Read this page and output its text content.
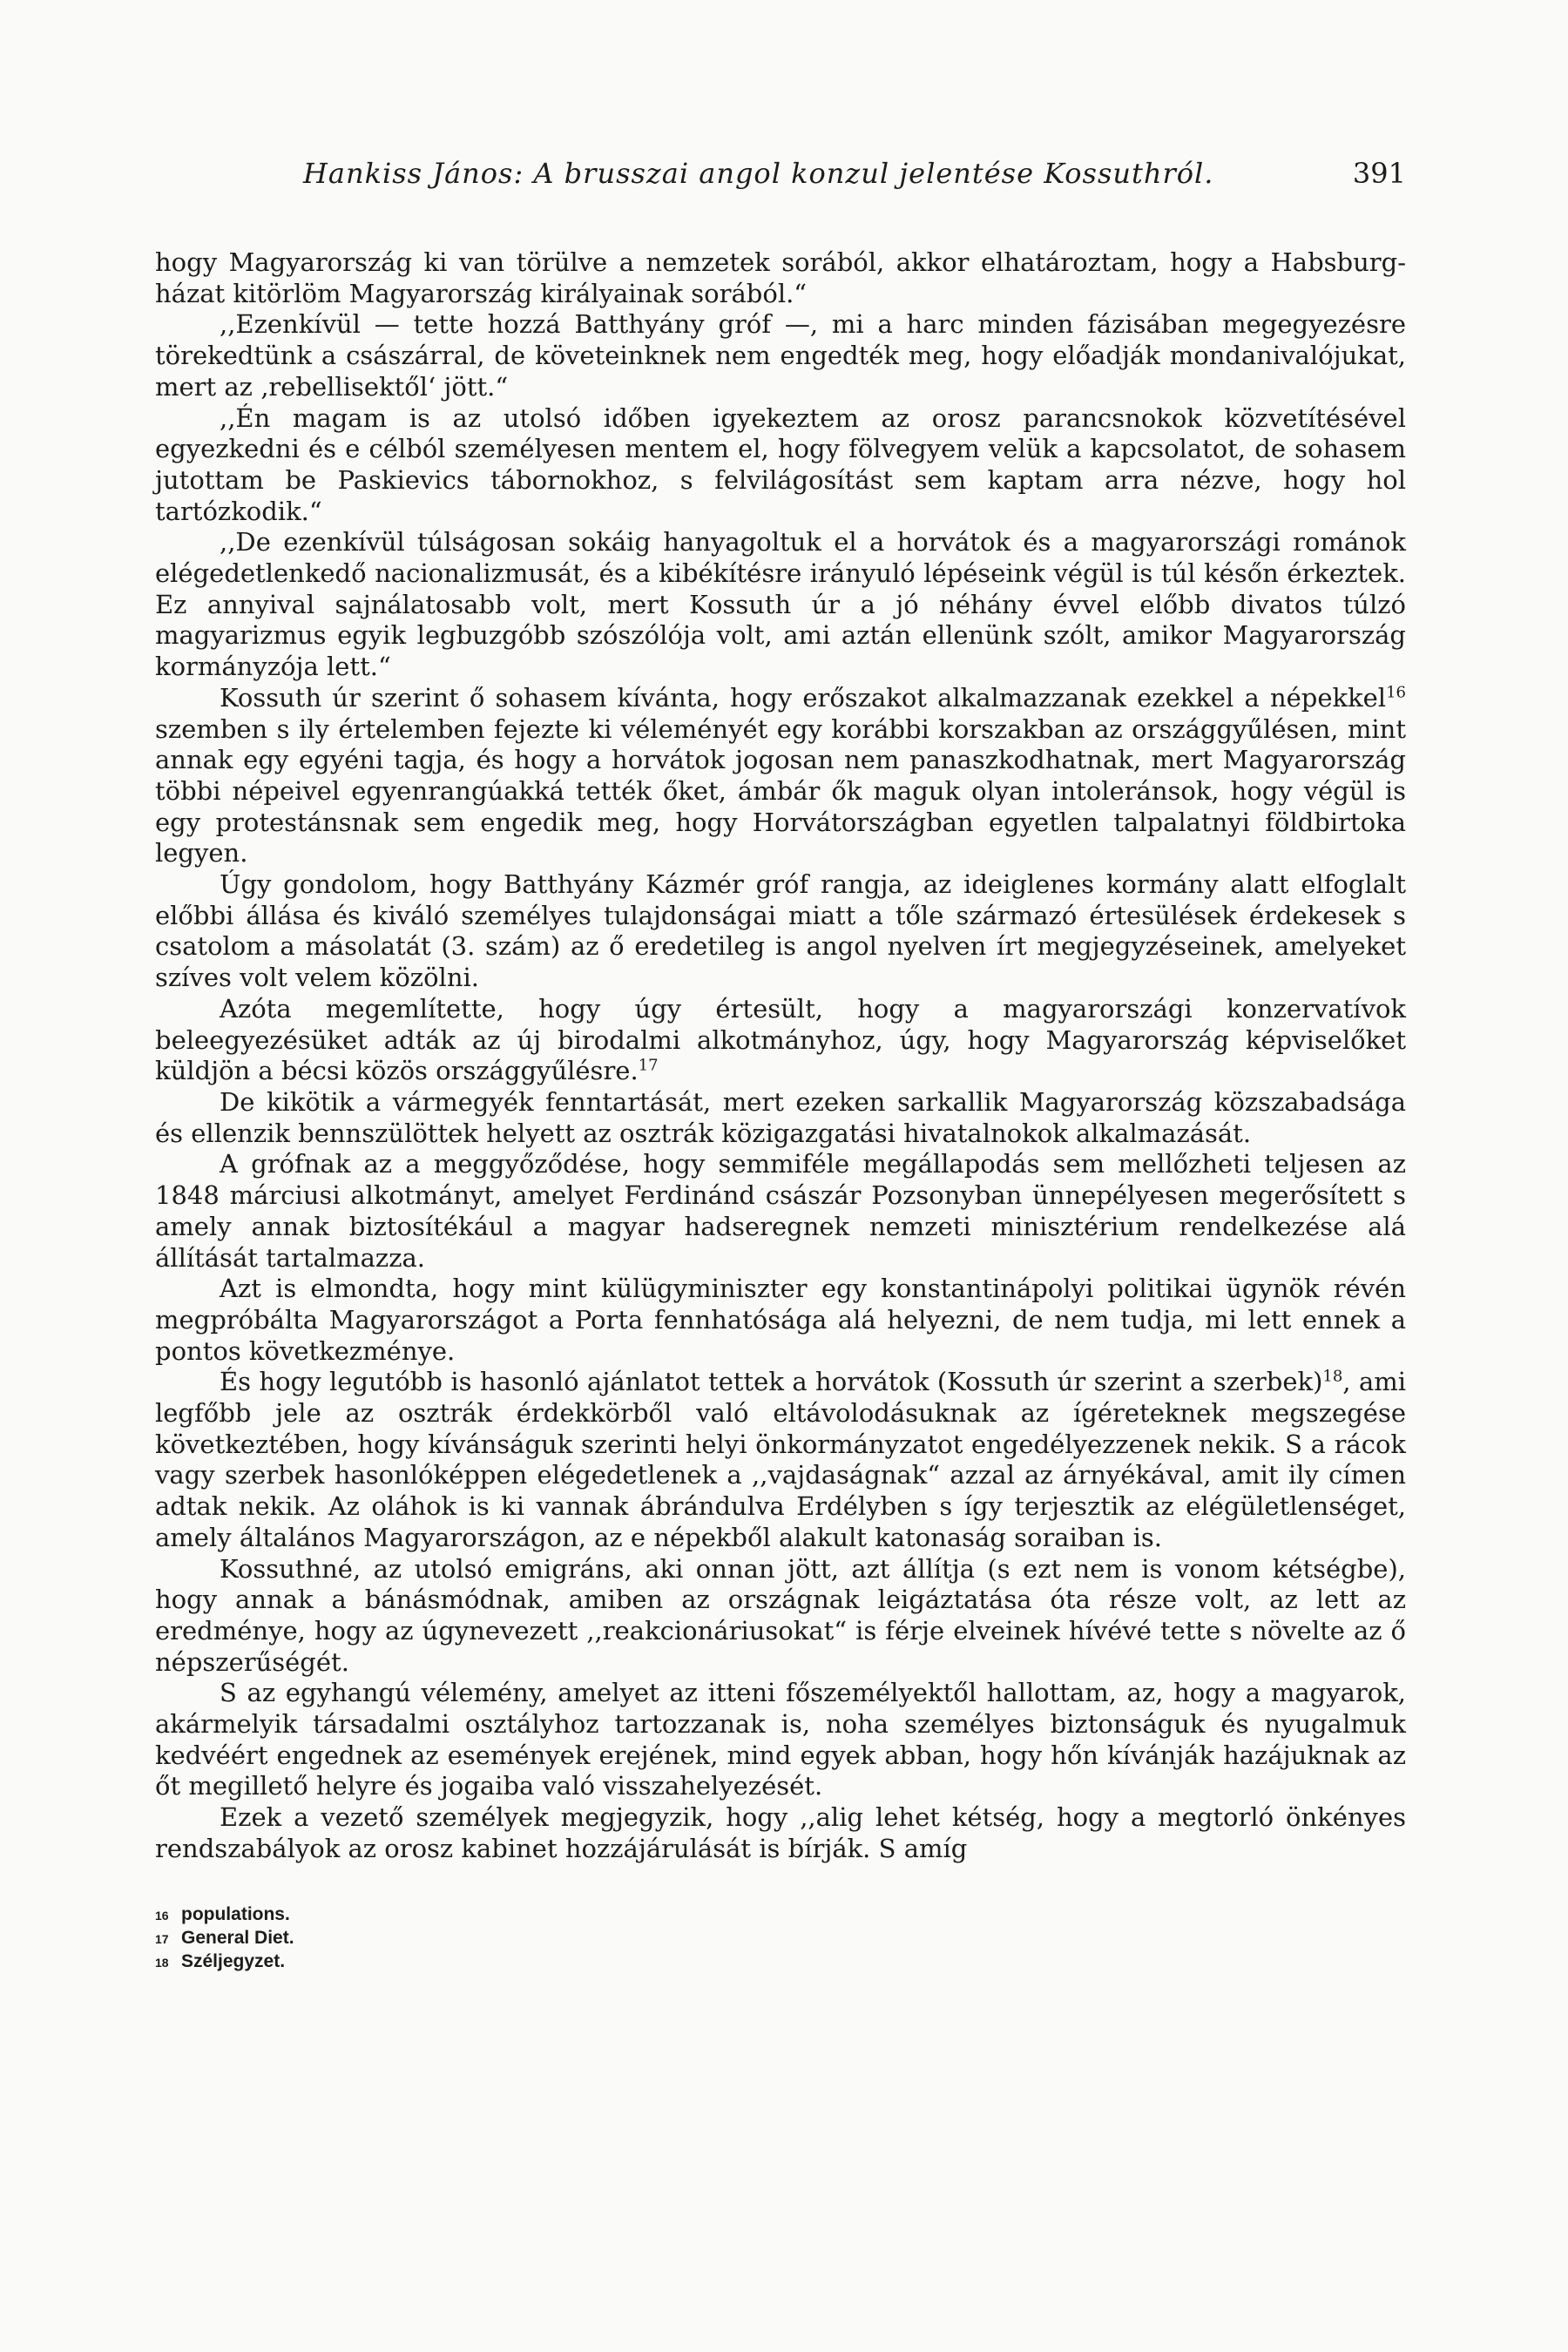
Hankiss János: A brusszai angol konzul jelentése Kossuthról.	391

hogy Magyarország ki van törülve a nemzetek sorából, akkor elhatároztam, hogy a Habsburg-házat kitörlöm Magyarország királyainak sorából.“

,,Ezenkívül — tette hozzá Batthyány gróf —, mi a harc minden fázisában megegyezésre törekedtünk a császárral, de követeinknek nem engedték meg, hogy előadják mondanivalójukat, mert az ‚rebellisektől‘ jött.“

,,Én magam is az utolsó időben igyekeztem az orosz parancsnokok közvetítésével egyezkedni és e célból személyesen mentem el, hogy fölvegyem velük a kapcsolatot, de sohasem jutottam be Paskievics tábornokhoz, s felvilágosítást sem kaptam arra nézve, hogy hol tartózkodik.“

,,De ezenkívül túlságosan sokáig hanyagoltuk el a horvátok és a magyarországi románok elégedetlenkedő nacionalizmusát, és a kibékítésre irányuló lépéseink végül is túl későn érkeztek. Ez annyival sajnálatosabb volt, mert Kossuth úr a jó néhány évvel előbb divatos túlzó magyarizmus egyik legbuzgóbb szószólója volt, ami aztán ellenünk szólt, amikor Magyarország kormányzója lett.“

Kossuth úr szerint ő sohasem kívánta, hogy erőszakot alkalmazzanak ezekkel a népekkel$^{16}$ szemben s ily értelemben fejezte ki véleményét egy korábbi korszakban az országgyűlésen, mint annak egy egyéni tagja, és hogy a horvátok jogosan nem panaszkodhatnak, mert Magyarország többi népeivel egyenrangúakká tették őket, ámbár ők maguk olyan intoleránsok, hogy végül is egy protestánsnak sem engedik meg, hogy Horvátországban egyetlen talpalatnyi földbirtoka legyen.

Úgy gondolom, hogy Batthyány Kázmér gróf rangja, az ideiglenes kormány alatt elfoglalt előbbi állása és kiváló személyes tulajdonságai miatt a tőle származó értesülések érdekesek s csatolom a másolatát (3. szám) az ő eredetileg is angol nyelven írt megjegyzéseinek, amelyeket szíves volt velem közölni.

Azóta megemlítette, hogy úgy értesült, hogy a magyarországi konzervatívok beleegyezésüket adták az új birodalmi alkotmányhoz, úgy, hogy Magyarország képviselőket küldjön a bécsi közös országgyűlésre.$^{17}$

De kikötik a vármegyék fenntartását, mert ezeken sarkallik Magyarország közszabadsága és ellenzik bennszülöttek helyett az osztrák közigazgatási hivatalnokok alkalmazását.

A grófnak az a meggyőződése, hogy semmiféle megállapodás sem mellőzheti teljesen az 1848 márciusi alkotmányt, amelyet Ferdinánd császár Pozsonyban ünnepélyesen megerősített s amely annak biztosítékául a magyar hadseregnek nemzeti minisztérium rendelkezése alá állítását tartalmazza.

Azt is elmondta, hogy mint külügyminiszter egy konstantinápolyi politikai ügynök révén megpróbálta Magyarországot a Porta fennhatósága alá helyezni, de nem tudja, mi lett ennek a pontos következménye.

És hogy legutóbb is hasonló ajánlatot tettek a horvátok (Kossuth úr szerint a szerbek)$^{18}$, ami legfőbb jele az osztrák érdekkörből való eltávolodásuknak az ígéreteknek megszegése következtében, hogy kívánságuk szerinti helyi önkormányzatot engedélyezzenek nekik. S a rácok vagy szerbek hasonlóképpen elégedetlenek a ,,vajdaságnak“ azzal az árnyékával, amit ily címen adtak nekik. Az oláhok is ki vannak ábrándulva Erdélyben s így terjesztik az elégületlenséget, amely általános Magyarországon, az e népekből alakult katonaság soraiban is.

Kossuthné, az utolsó emigráns, aki onnan jött, azt állítja (s ezt nem is vonom kétségbe), hogy annak a bánásmódnak, amiben az országnak leigáztatása óta része volt, az lett az eredménye, hogy az úgynevezett ,,reakcionáriusokat“ is férje elveinek hívévé tette s növelte az ő népszerűségét.

S az egyhangú vélemény, amelyet az itteni főszemélyektől hallottam, az, hogy a magyarok, akármelyik társadalmi osztályhoz tartozzanak is, noha személyes biztonságuk és nyugalmuk kedvéért engednek az események erejének, mind egyek abban, hogy hőn kívánják hazájuknak az őt megillető helyre és jogaiba való visszahelyezését.

Ezek a vezető személyek megjegyzik, hogy ,,alig lehet kétség, hogy a megtorló önkényes rendszabályok az orosz kabinet hozzájárulását is bírják. S amíg

16 populations.
17 General Diet.
18 Széljegyzet.
